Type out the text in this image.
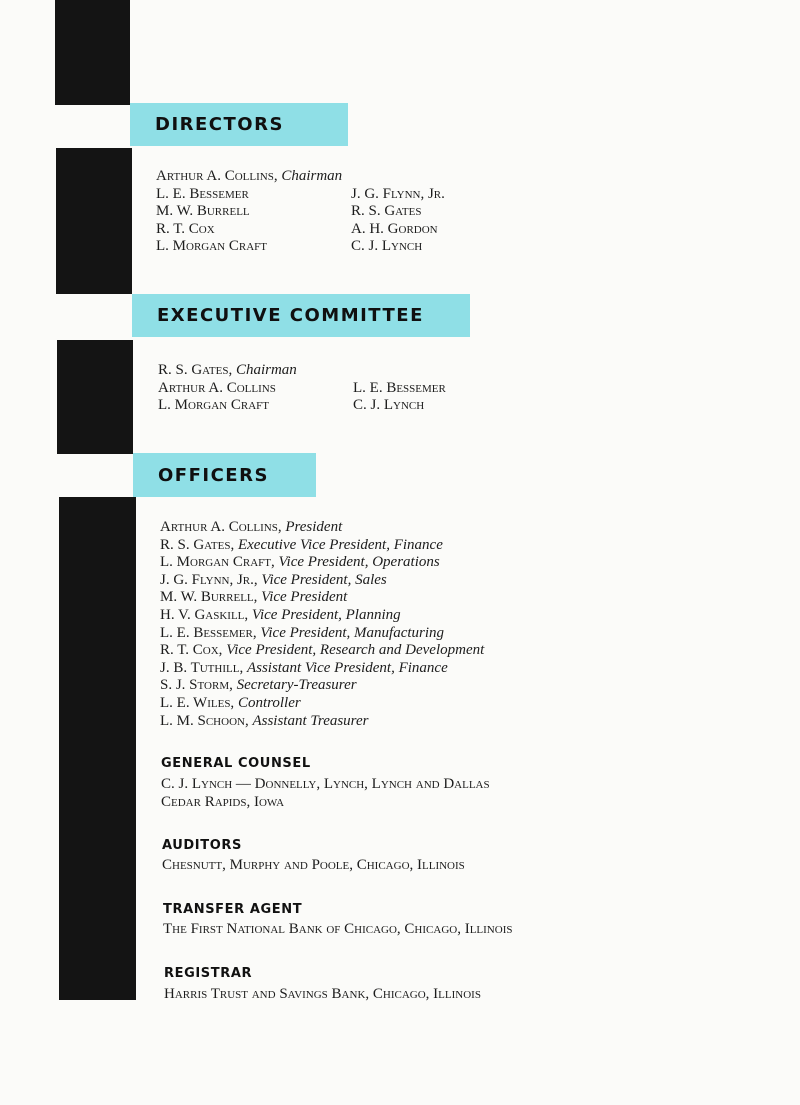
DIRECTORS
EXECUTIVE COMMITTEE
OFFICERS
Arthur A. Collins, Chairman
L. E. Bessemer
M. W. Burrell
R. T. Cox
L. Morgan Craft
J. G. Flynn, Jr.
R. S. Gates
A. H. Gordon
C. J. Lynch
R. S. Gates, Chairman
Arthur A. Collins
L. Morgan Craft
L. E. Bessemer
C. J. Lynch
Arthur A. Collins, President
R. S. Gates, Executive Vice President, Finance
L. Morgan Craft, Vice President, Operations
J. G. Flynn, Jr., Vice President, Sales
M. W. Burrell, Vice President
H. V. Gaskill, Vice President, Planning
L. E. Bessemer, Vice President, Manufacturing
R. T. Cox, Vice President, Research and Development
J. B. Tuthill, Assistant Vice President, Finance
S. J. Storm, Secretary-Treasurer
L. E. Wiles, Controller
L. M. Schoon, Assistant Treasurer
GENERAL COUNSEL
C. J. Lynch — Donnelly, Lynch, Lynch and Dallas
Cedar Rapids, Iowa
AUDITORS
Chesnutt, Murphy and Poole, Chicago, Illinois
TRANSFER AGENT
The First National Bank of Chicago, Chicago, Illinois
REGISTRAR
Harris Trust and Savings Bank, Chicago, Illinois
